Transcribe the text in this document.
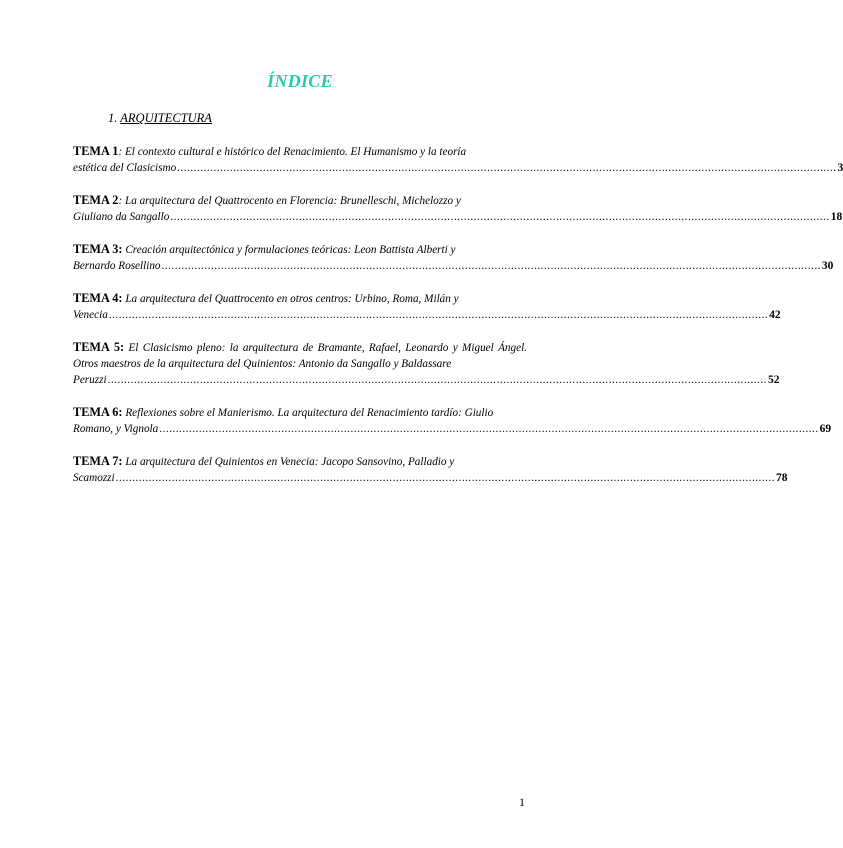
ÍNDICE
1. ARQUITECTURA
TEMA 1: El contexto cultural e histórico del Renacimiento. El Humanismo y la teoría
estética del Clasicismo ........................................................................................................................................................................................................ 3
TEMA 2: La arquitectura del Quattrocento en Florencia: Brunelleschi, Michelozzo y
Giuliano da Sangallo ........................................................................................................................................................................................................ 18
TEMA 3: Creación arquitectónica y formulaciones teóricas: Leon Battista Alberti y
Bernardo Rosellino ........................................................................................................................................................................................................ 30
TEMA 4: La arquitectura del Quattrocento en otros centros: Urbino, Roma, Milán y
Venecia ........................................................................................................................................................................................................ 42
TEMA 5: El Clasicismo pleno: la arquitectura de Bramante, Rafael, Leonardo y Miguel Ángel. Otros maestros de la arquitectura del Quinientos: Antonio da Sangallo y Baldassare
Peruzzi ........................................................................................................................................................................................................ 52
TEMA 6: Reflexiones sobre el Manierismo. La arquitectura del Renacimiento tardío: Giulio
Romano, y Vignola ........................................................................................................................................................................................................ 69
TEMA 7: La arquitectura del Quinientos en Venecia: Jacopo Sansovino, Palladio y
Scamozzi ........................................................................................................................................................................................................ 78
1
